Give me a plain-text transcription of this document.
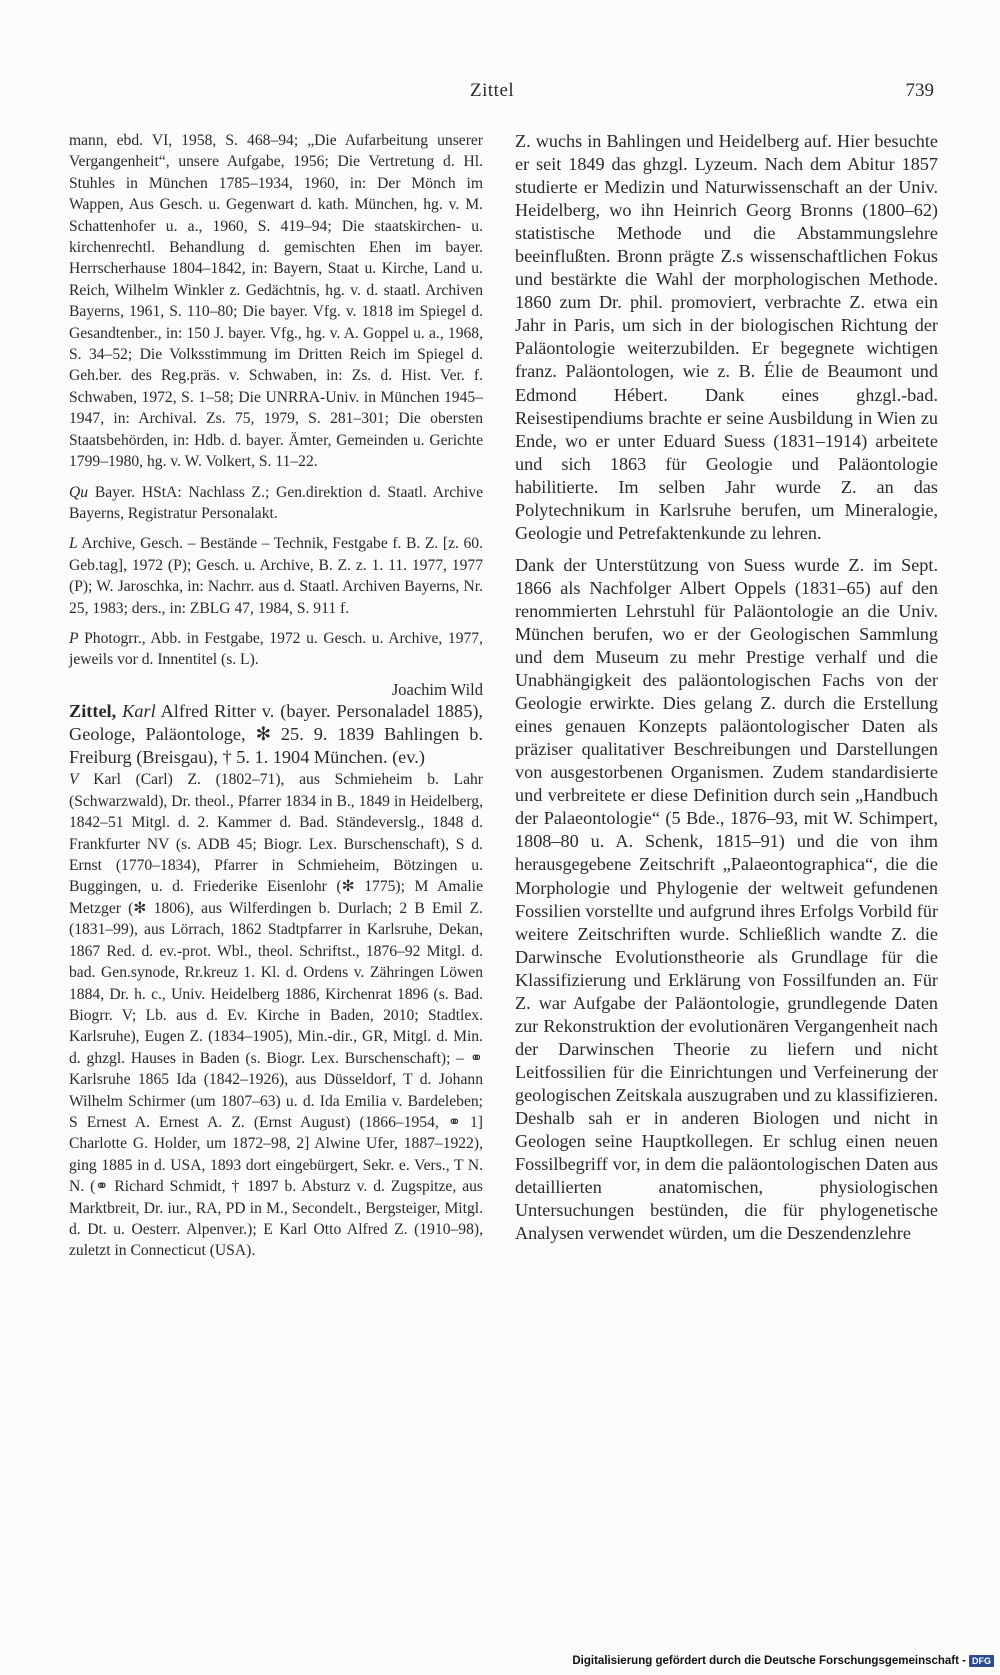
Zittel	739

mann, ebd. VI, 1958, S. 468–94; „Die Aufarbeitung unserer Vergangenheit“, unsere Aufgabe, 1956; Die Vertretung d. Hl. Stuhles in München 1785–1934, 1960, in: Der Mönch im Wappen, Aus Gesch. u. Gegenwart d. kath. München, hg. v. M. Schattenhofer u. a., 1960, S. 419–94; Die staatskirchen- u. kirchenrechtl. Behandlung d. gemischten Ehen im bayer. Herrscherhause 1804–1842, in: Bayern, Staat u. Kirche, Land u. Reich, Wilhelm Winkler z. Gedächtnis, hg. v. d. staatl. Archiven Bayerns, 1961, S. 110–80; Die bayer. Vfg. v. 1818 im Spiegel d. Gesandtenber., in: 150 J. bayer. Vfg., hg. v. A. Goppel u. a., 1968, S. 34–52; Die Volksstimmung im Dritten Reich im Spiegel d. Geh.ber. des Reg.präs. v. Schwaben, in: Zs. d. Hist. Ver. f. Schwaben, 1972, S. 1–58; Die UNRRA-Univ. in München 1945–1947, in: Archival. Zs. 75, 1979, S. 281–301; Die obersten Staatsbehörden, in: Hdb. d. bayer. Ämter, Gemeinden u. Gerichte 1799–1980, hg. v. W. Volkert, S. 11–22.

Qu Bayer. HStA: Nachlass Z.; Gen.direktion d. Staatl. Archive Bayerns, Registratur Personalakt.

L Archive, Gesch. – Bestände – Technik, Festgabe f. B. Z. [z. 60. Geb.tag], 1972 (P); Gesch. u. Archive, B. Z. z. 1. 11. 1977, 1977 (P); W. Jaroschka, in: Nachrr. aus d. Staatl. Archiven Bayerns, Nr. 25, 1983; ders., in: ZBLG 47, 1984, S. 911 f.

P Photogrr., Abb. in Festgabe, 1972 u. Gesch. u. Archive, 1977, jeweils vor d. Innentitel (s. L).

Joachim Wild

Zittel, Karl Alfred Ritter v. (bayer. Personaladel 1885), Geologe, Paläontologe, ✻ 25. 9. 1839 Bahlingen b. Freiburg (Breisgau), † 5. 1. 1904 München. (ev.)

V Karl (Carl) Z. (1802–71), aus Schmieheim b. Lahr (Schwarzwald), Dr. theol., Pfarrer 1834 in B., 1849 in Heidelberg, 1842–51 Mitgl. d. 2. Kammer d. Bad. Ständeverslg., 1848 d. Frankfurter NV (s. ADB 45; Biogr. Lex. Burschenschaft), S d. Ernst (1770–1834), Pfarrer in Schmieheim, Bötzingen u. Buggingen, u. d. Friederike Eisenlohr (✻ 1775); M Amalie Metzger (✻ 1806), aus Wilferdingen b. Durlach; 2 B Emil Z. (1831–99), aus Lörrach, 1862 Stadtpfarrer in Karlsruhe, Dekan, 1867 Red. d. ev.-prot. Wbl., theol. Schriftst., 1876–92 Mitgl. d. bad. Gen.synode, Rr.kreuz 1. Kl. d. Ordens v. Zähringen Löwen 1884, Dr. h. c., Univ. Heidelberg 1886, Kirchenrat 1896 (s. Bad. Biogrr. V; Lb. aus d. Ev. Kirche in Baden, 2010; Stadtlex. Karlsruhe), Eugen Z. (1834–1905), Min.-dir., GR, Mitgl. d. Min. d. ghzgl. Hauses in Baden (s. Biogr. Lex. Burschenschaft); – ⚭ Karlsruhe 1865 Ida (1842–1926), aus Düsseldorf, T d. Johann Wilhelm Schirmer (um 1807–63) u. d. Ida Emilia v. Bardeleben; S Ernest A. Ernest A. Z. (Ernst August) (1866–1954, ⚭ 1] Charlotte G. Holder, um 1872–98, 2] Alwine Ufer, 1887–1922), ging 1885 in d. USA, 1893 dort eingebürgert, Sekr. e. Vers., T N. N. (⚭ Richard Schmidt, † 1897 b. Absturz v. d. Zugspitze, aus Marktbreit, Dr. iur., RA, PD in M., Secondelt., Bergsteiger, Mitgl. d. Dt. u. Oesterr. Alpenver.); E Karl Otto Alfred Z. (1910–98), zuletzt in Connecticut (USA).

Z. wuchs in Bahlingen und Heidelberg auf. Hier besuchte er seit 1849 das ghzgl. Lyzeum. Nach dem Abitur 1857 studierte er Medizin und Naturwissenschaft an der Univ. Heidelberg, wo ihn Heinrich Georg Bronns (1800–62) statistische Methode und die Abstammungslehre beeinflußten. Bronn prägte Z.s wissenschaftlichen Fokus und bestärkte die Wahl der morphologischen Methode. 1860 zum Dr. phil. promoviert, verbrachte Z. etwa ein Jahr in Paris, um sich in der biologischen Richtung der Paläontologie weiterzubilden. Er begegnete wichtigen franz. Paläontologen, wie z. B. Élie de Beaumont und Edmond Hébert. Dank eines ghzgl.-bad. Reisestipendiums brachte er seine Ausbildung in Wien zu Ende, wo er unter Eduard Suess (1831–1914) arbeitete und sich 1863 für Geologie und Paläontologie habilitierte. Im selben Jahr wurde Z. an das Polytechnikum in Karlsruhe berufen, um Mineralogie, Geologie und Petrefaktenkunde zu lehren.

Dank der Unterstützung von Suess wurde Z. im Sept. 1866 als Nachfolger Albert Oppels (1831–65) auf den renommierten Lehrstuhl für Paläontologie an die Univ. München berufen, wo er der Geologischen Sammlung und dem Museum zu mehr Prestige verhalf und die Unabhängigkeit des paläontologischen Fachs von der Geologie erwirkte. Dies gelang Z. durch die Erstellung eines genauen Konzepts paläontologischer Daten als präziser qualitativer Beschreibungen und Darstellungen von ausgestorbenen Organismen. Zudem standardisierte und verbreitete er diese Definition durch sein „Handbuch der Palaeontologie“ (5 Bde., 1876–93, mit W. Schimpert, 1808–80 u. A. Schenk, 1815–91) und die von ihm herausgegebene Zeitschrift „Palaeontographica“, die die Morphologie und Phylogenie der weltweit gefundenen Fossilien vorstellte und aufgrund ihres Erfolgs Vorbild für weitere Zeitschriften wurde. Schließlich wandte Z. die Darwinsche Evolutionstheorie als Grundlage für die Klassifizierung und Erklärung von Fossilfunden an. Für Z. war Aufgabe der Paläontologie, grundlegende Daten zur Rekonstruktion der evolutionären Vergangenheit nach der Darwinschen Theorie zu liefern und nicht Leitfossilien für die Einrichtungen und Verfeinerung der geologischen Zeitskala auszugraben und zu klassifizieren. Deshalb sah er in anderen Biologen und nicht in Geologen seine Hauptkollegen. Er schlug einen neuen Fossilbegriff vor, in dem die paläontologischen Daten aus detaillierten anatomischen, physiologischen Untersuchungen bestünden, die für phylogenetische Analysen verwendet würden, um die Deszendenzlehre

Digitalisierung gefördert durch die Deutsche Forschungsgemeinschaft - DFG
